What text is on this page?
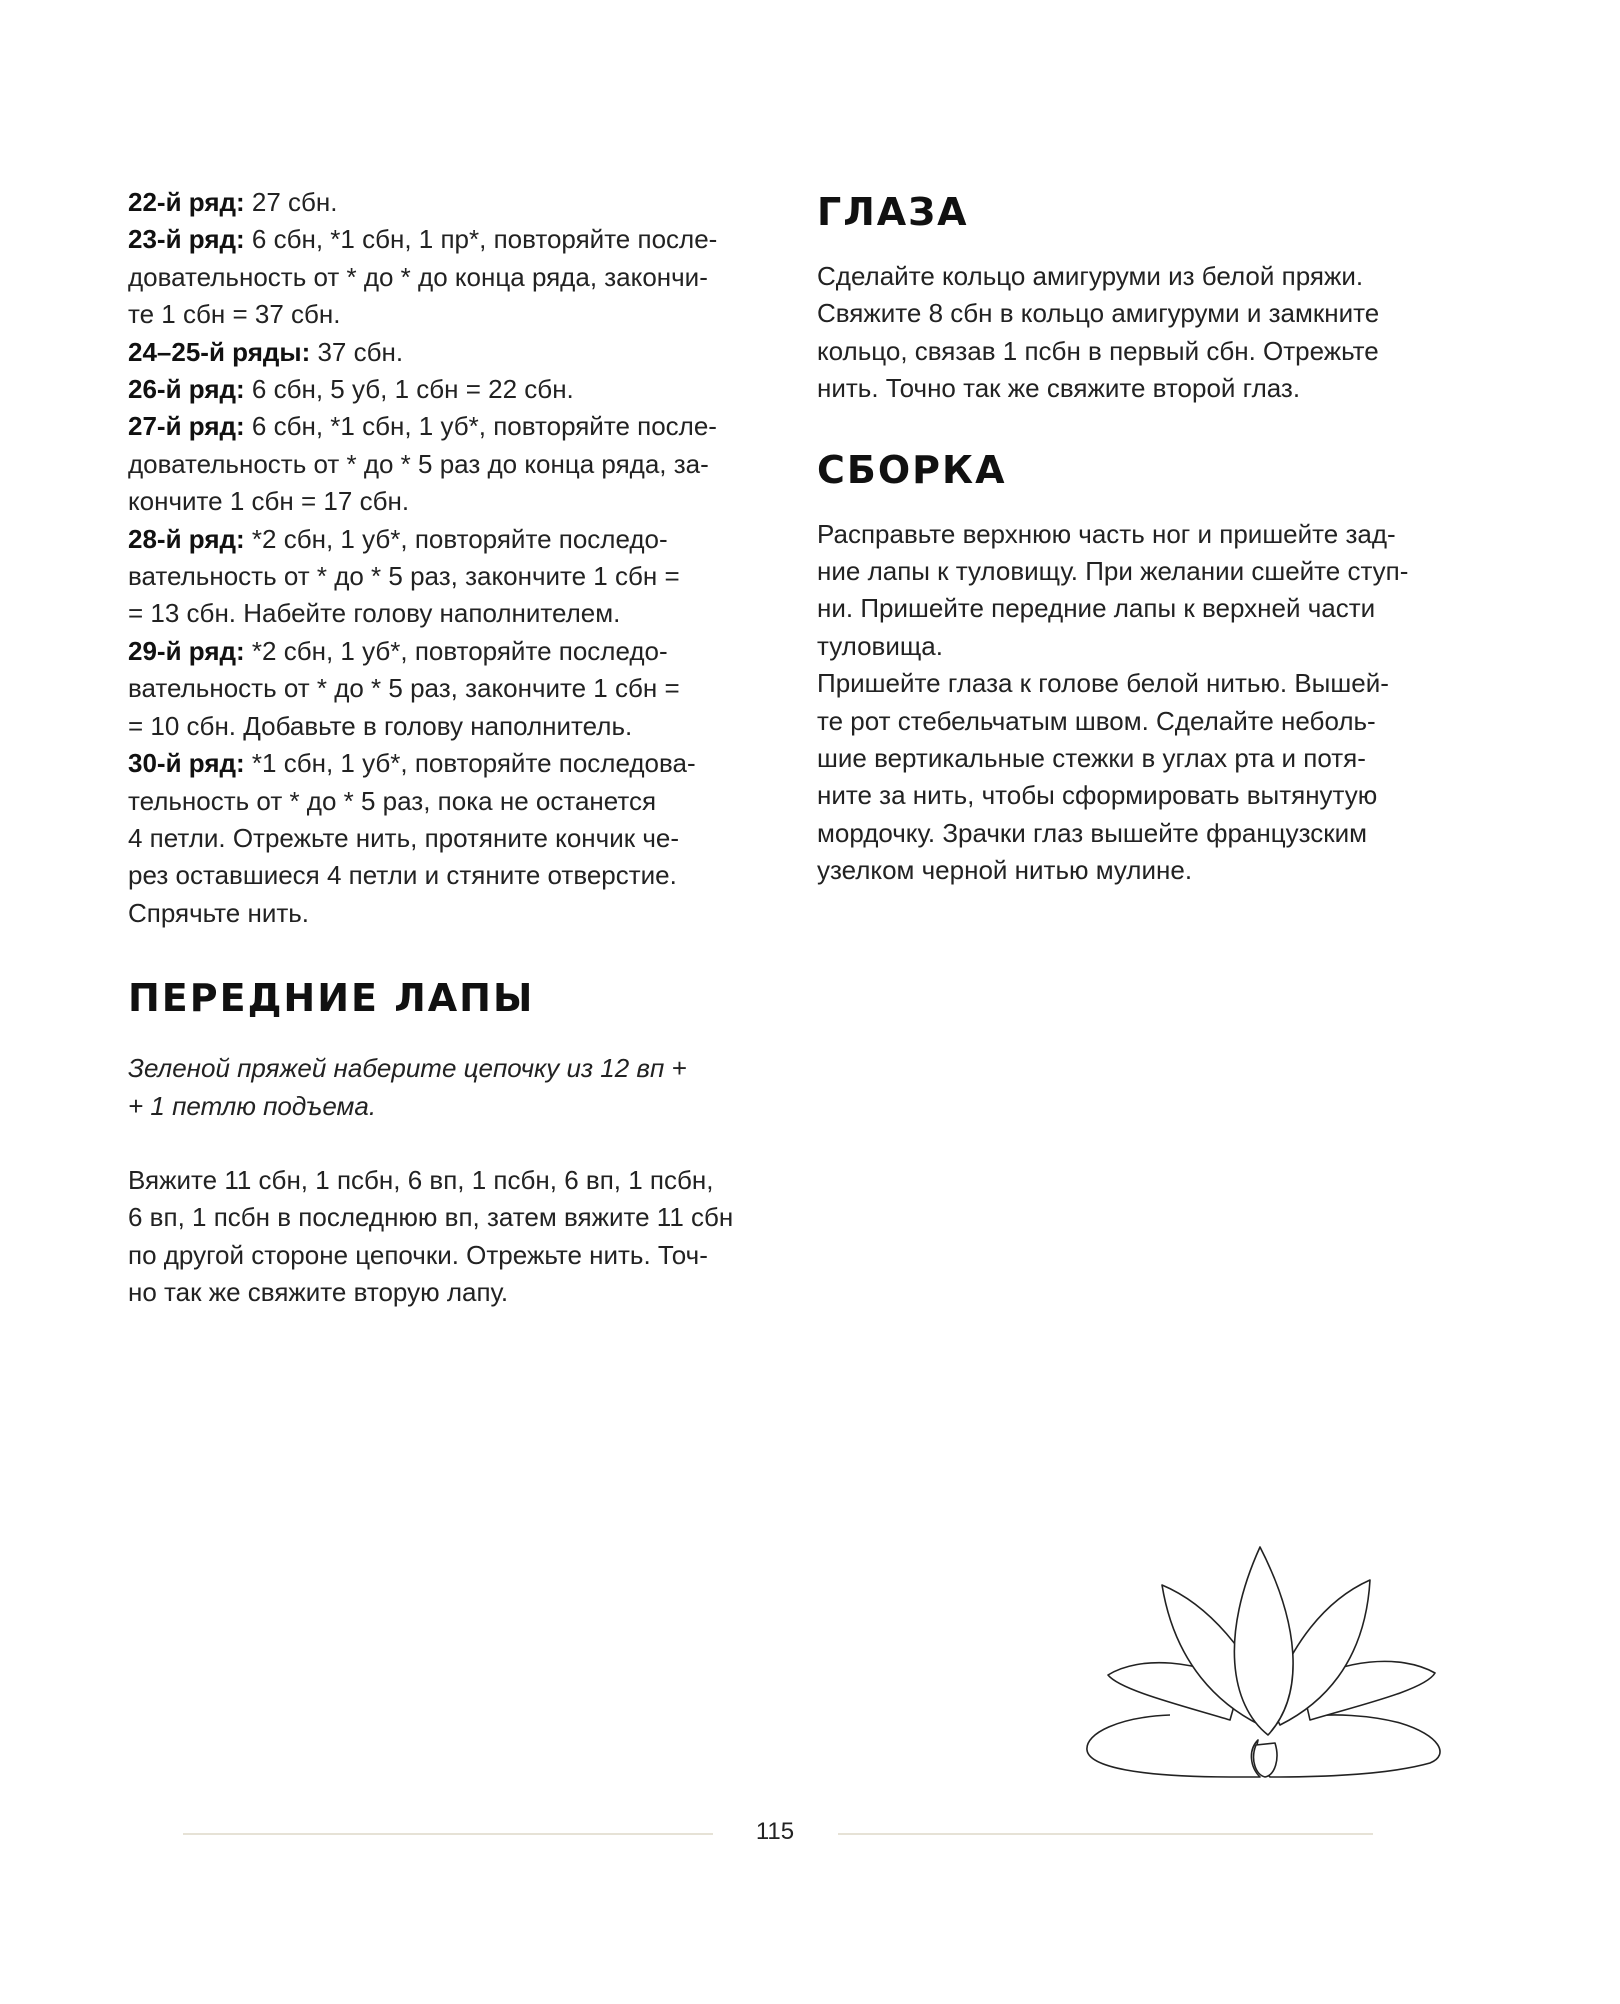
22-й ряд: 27 сбн.

23-й ряд: 6 сбн, *1 сбн, 1 пр*, повторяйте после-

довательность от * до * до конца ряда, закончи-

те 1 сбн = 37 сбн.

24–25-й ряды: 37 сбн.

26-й ряд: 6 сбн, 5 уб, 1 сбн = 22 сбн.

27-й ряд: 6 сбн, *1 сбн, 1 уб*, повторяйте после-

довательность от * до * 5 раз до конца ряда, за-

кончите 1 сбн = 17 сбн.

28-й ряд: *2 сбн, 1 уб*, повторяйте последо-

вательность от * до * 5 раз, закончите 1 сбн =

= 13 сбн. Набейте голову наполнителем.

29-й ряд: *2 сбн, 1 уб*, повторяйте последо-

вательность от * до * 5 раз, закончите 1 сбн =

= 10 сбн. Добавьте в голову наполнитель.

30-й ряд: *1 сбн, 1 уб*, повторяйте последова-

тельность от * до * 5 раз, пока не останется

4 петли. Отрежьте нить, протяните кончик че-

рез оставшиеся 4 петли и стяните отверстие.

Спрячьте нить.

ПЕРЕДНИЕ ЛАПЫ

Зеленой пряжей наберите цепочку из 12 вп +

+ 1 петлю подъема.

Вяжите 11 сбн, 1 псбн, 6 вп, 1 псбн, 6 вп, 1 псбн,

6 вп, 1 псбн в последнюю вп, затем вяжите 11 сбн

по другой стороне цепочки. Отрежьте нить. Точ-

но так же свяжите вторую лапу.

ГЛАЗА

Сделайте кольцо амигуруми из белой пряжи.

Свяжите 8 сбн в кольцо амигуруми и замкните

кольцо, связав 1 псбн в первый сбн. Отрежьте

нить. Точно так же свяжите второй глаз.

СБОРКА

Расправьте верхнюю часть ног и пришейте зад-

ние лапы к туловищу. При желании сшейте ступ-

ни. Пришейте передние лапы к верхней части

туловища.

Пришейте глаза к голове белой нитью. Вышей-

те рот стебельчатым швом. Сделайте неболь-

шие вертикальные стежки в углах рта и потя-

ните за нить, чтобы сформировать вытянутую

мордочку. Зрачки глаз вышейте французским

узелком черной нитью мулине.

115
